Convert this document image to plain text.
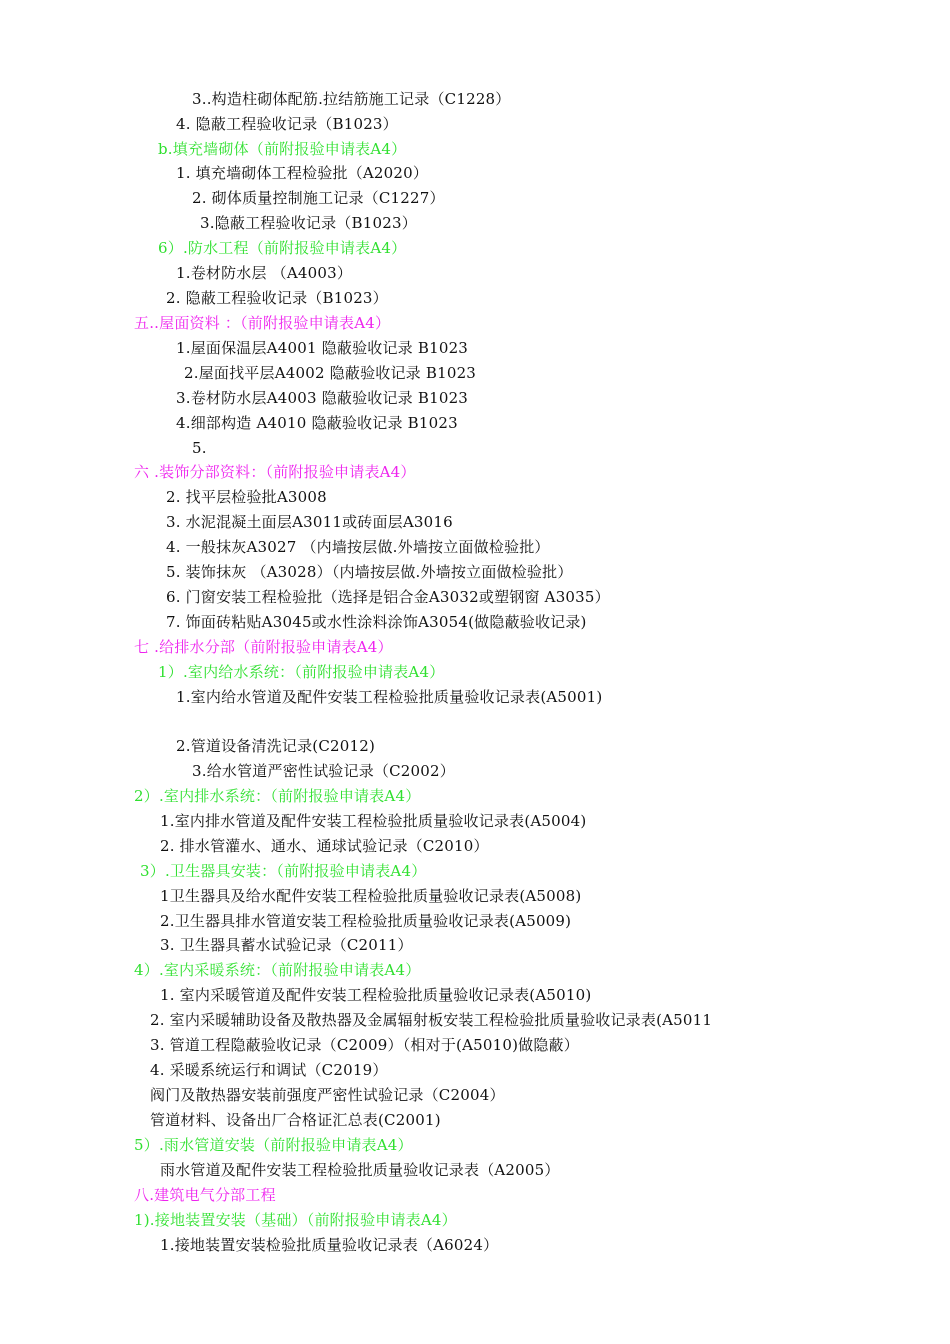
3..构造柱砌体配筋.拉结筋施工记录（C1228）
4. 隐蔽工程验收记录（B1023）
b.填充墙砌体（前附报验申请表A4）
1. 填充墙砌体工程检验批（A2020）
2. 砌体质量控制施工记录（C1227）
3.隐蔽工程验收记录（B1023）
6）.防水工程（前附报验申请表A4）
1.卷材防水层 （A4003）
2. 隐蔽工程验收记录（B1023）
五..屋面资料 ：（前附报验申请表A4）
1.屋面保温层A4001 隐蔽验收记录 B1023
2.屋面找平层A4002 隐蔽验收记录 B1023
3.卷材防水层A4003 隐蔽验收记录 B1023
4.细部构造 A4010 隐蔽验收记录 B1023
5.
六 .装饰分部资料：（前附报验申请表A4）
2. 找平层检验批A3008
3. 水泥混凝土面层A3011或砖面层A3016
4. 一般抹灰A3027 （内墙按层做.外墙按立面做检验批）
5. 装饰抹灰 （A3028）（内墙按层做.外墙按立面做检验批）
6. 门窗安装工程检验批（选择是铝合金A3032或塑钢窗 A3035）
7. 饰面砖粘贴A3045或水性涂料涂饰A3054(做隐蔽验收记录)
七 .给排水分部（前附报验申请表A4）
1）.室内给水系统：（前附报验申请表A4）
1.室内给水管道及配件安装工程检验批质量验收记录表(A5001)
2.管道设备清洗记录(C2012)
3.给水管道严密性试验记录（C2002）
2）.室内排水系统：（前附报验申请表A4）
1.室内排水管道及配件安装工程检验批质量验收记录表(A5004)
2. 排水管灌水、通水、通球试验记录（C2010）
3）.卫生器具安装：（前附报验申请表A4）
1卫生器具及给水配件安装工程检验批质量验收记录表(A5008)
2.卫生器具排水管道安装工程检验批质量验收记录表(A5009)
3. 卫生器具蓄水试验记录（C2011）
4）.室内采暖系统：（前附报验申请表A4）
1. 室内采暖管道及配件安装工程检验批质量验收记录表(A5010)
2. 室内采暖辅助设备及散热器及金属辐射板安装工程检验批质量验收记录表(A5011
3. 管道工程隐蔽验收记录（C2009）（相对于(A5010)做隐蔽）
4. 采暖系统运行和调试（C2019）
阀门及散热器安装前强度严密性试验记录（C2004）
管道材料、设备出厂合格证汇总表(C2001)
5）.雨水管道安装（前附报验申请表A4）
雨水管道及配件安装工程检验批质量验收记录表（A2005）
八.建筑电气分部工程
1).接地装置安装（基础）（前附报验申请表A4）
1.接地装置安装检验批质量验收记录表（A6024）
